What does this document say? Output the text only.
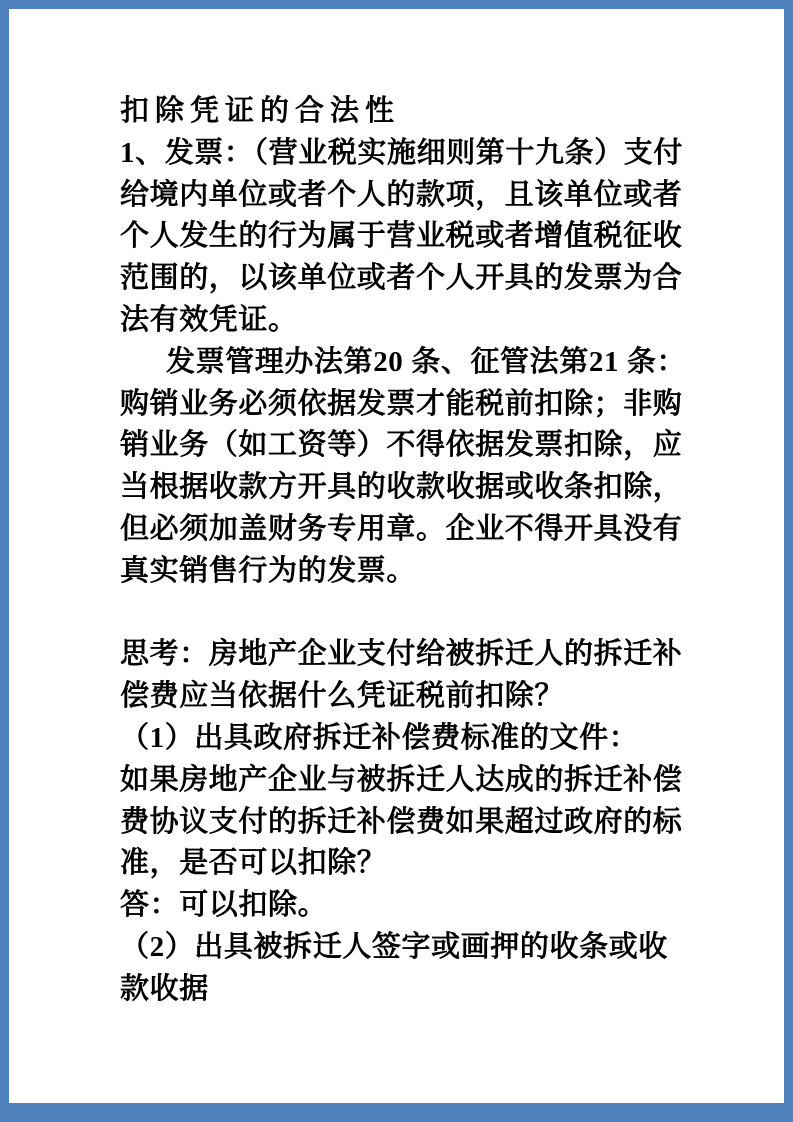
扣除凭证的合法性
1、发票：（营业税实施细则第十九条）支付
给境内单位或者个人的款项，且该单位或者
个人发生的行为属于营业税或者增值税征收
范围的，以该单位或者个人开具的发票为合
法有效凭证。
发票管理办法第20 条、征管法第21 条：
购销业务必须依据发票才能税前扣除；非购
销业务（如工资等）不得依据发票扣除，应
当根据收款方开具的收款收据或收条扣除，
但必须加盖财务专用章。企业不得开具没有
真实销售行为的发票。
思考：房地产企业支付给被拆迁人的拆迁补
偿费应当依据什么凭证税前扣除？
（1）出具政府拆迁补偿费标准的文件：
如果房地产企业与被拆迁人达成的拆迁补偿
费协议支付的拆迁补偿费如果超过政府的标
准，是否可以扣除？
答：可以扣除。
（2）出具被拆迁人签字或画押的收条或收
款收据
